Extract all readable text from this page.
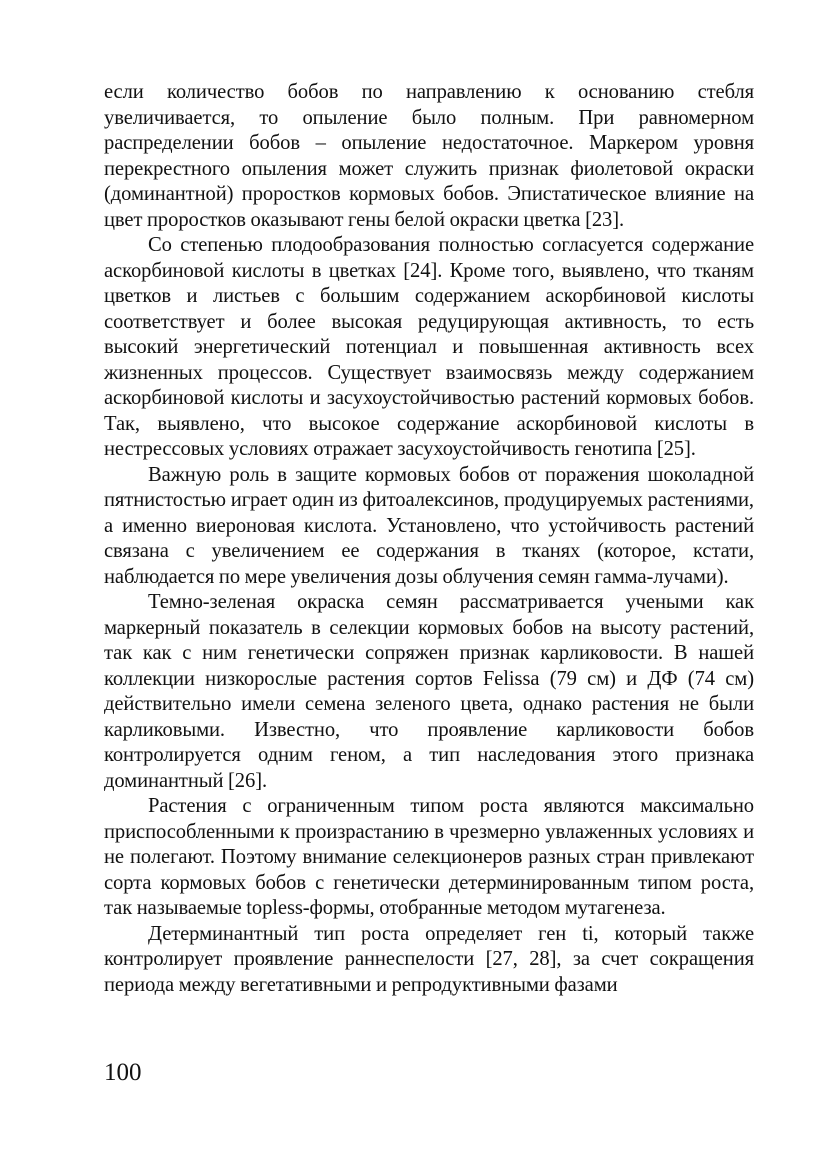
если количество бобов по направлению к основанию стебля увеличивается, то опыление было полным. При равномерном распределении бобов – опыление недостаточное. Маркером уровня перекрестного опыления может служить признак фиолетовой окраски (доминантной) проростков кормовых бобов. Эпистатическое влияние на цвет проростков оказывают гены белой окраски цветка [23].

Со степенью плодообразования полностью согласуется содержание аскорбиновой кислоты в цветках [24]. Кроме того, выявлено, что тканям цветков и листьев с большим содержанием аскорбиновой кислоты соответствует и более высокая редуцирующая активность, то есть высокий энергетический потенциал и повышенная активность всех жизненных процессов. Существует взаимосвязь между содержанием аскорбиновой кислоты и засухоустойчивостью растений кормовых бобов. Так, выявлено, что высокое содержание аскорбиновой кислоты в нестрессовых условиях отражает засухоустойчивость генотипа [25].

Важную роль в защите кормовых бобов от поражения шоколадной пятнистостью играет один из фитоалексинов, продуцируемых растениями, а именно виероновая кислота. Установлено, что устойчивость растений связана с увеличением ее содержания в тканях (которое, кстати, наблюдается по мере увеличения дозы облучения семян гамма-лучами).

Темно-зеленая окраска семян рассматривается учеными как маркерный показатель в селекции кормовых бобов на высоту растений, так как с ним генетически сопряжен признак карликовости. В нашей коллекции низкорослые растения сортов Felissa (79 см) и ДФ (74 см) действительно имели семена зеленого цвета, однако растения не были карликовыми. Известно, что проявление карликовости бобов контролируется одним геном, а тип наследования этого признака доминантный [26].

Растения с ограниченным типом роста являются максимально приспособленными к произрастанию в чрезмерно увлаженных условиях и не полегают. Поэтому внимание селекционеров разных стран привлекают сорта кормовых бобов с генетически детерминированным типом роста, так называемые topless-формы, отобранные методом мутагенеза.

Детерминантный тип роста определяет ген ti, который также контролирует проявление раннеспелости [27, 28], за счет сокращения периода между вегетативными и репродуктивными фазами

100
